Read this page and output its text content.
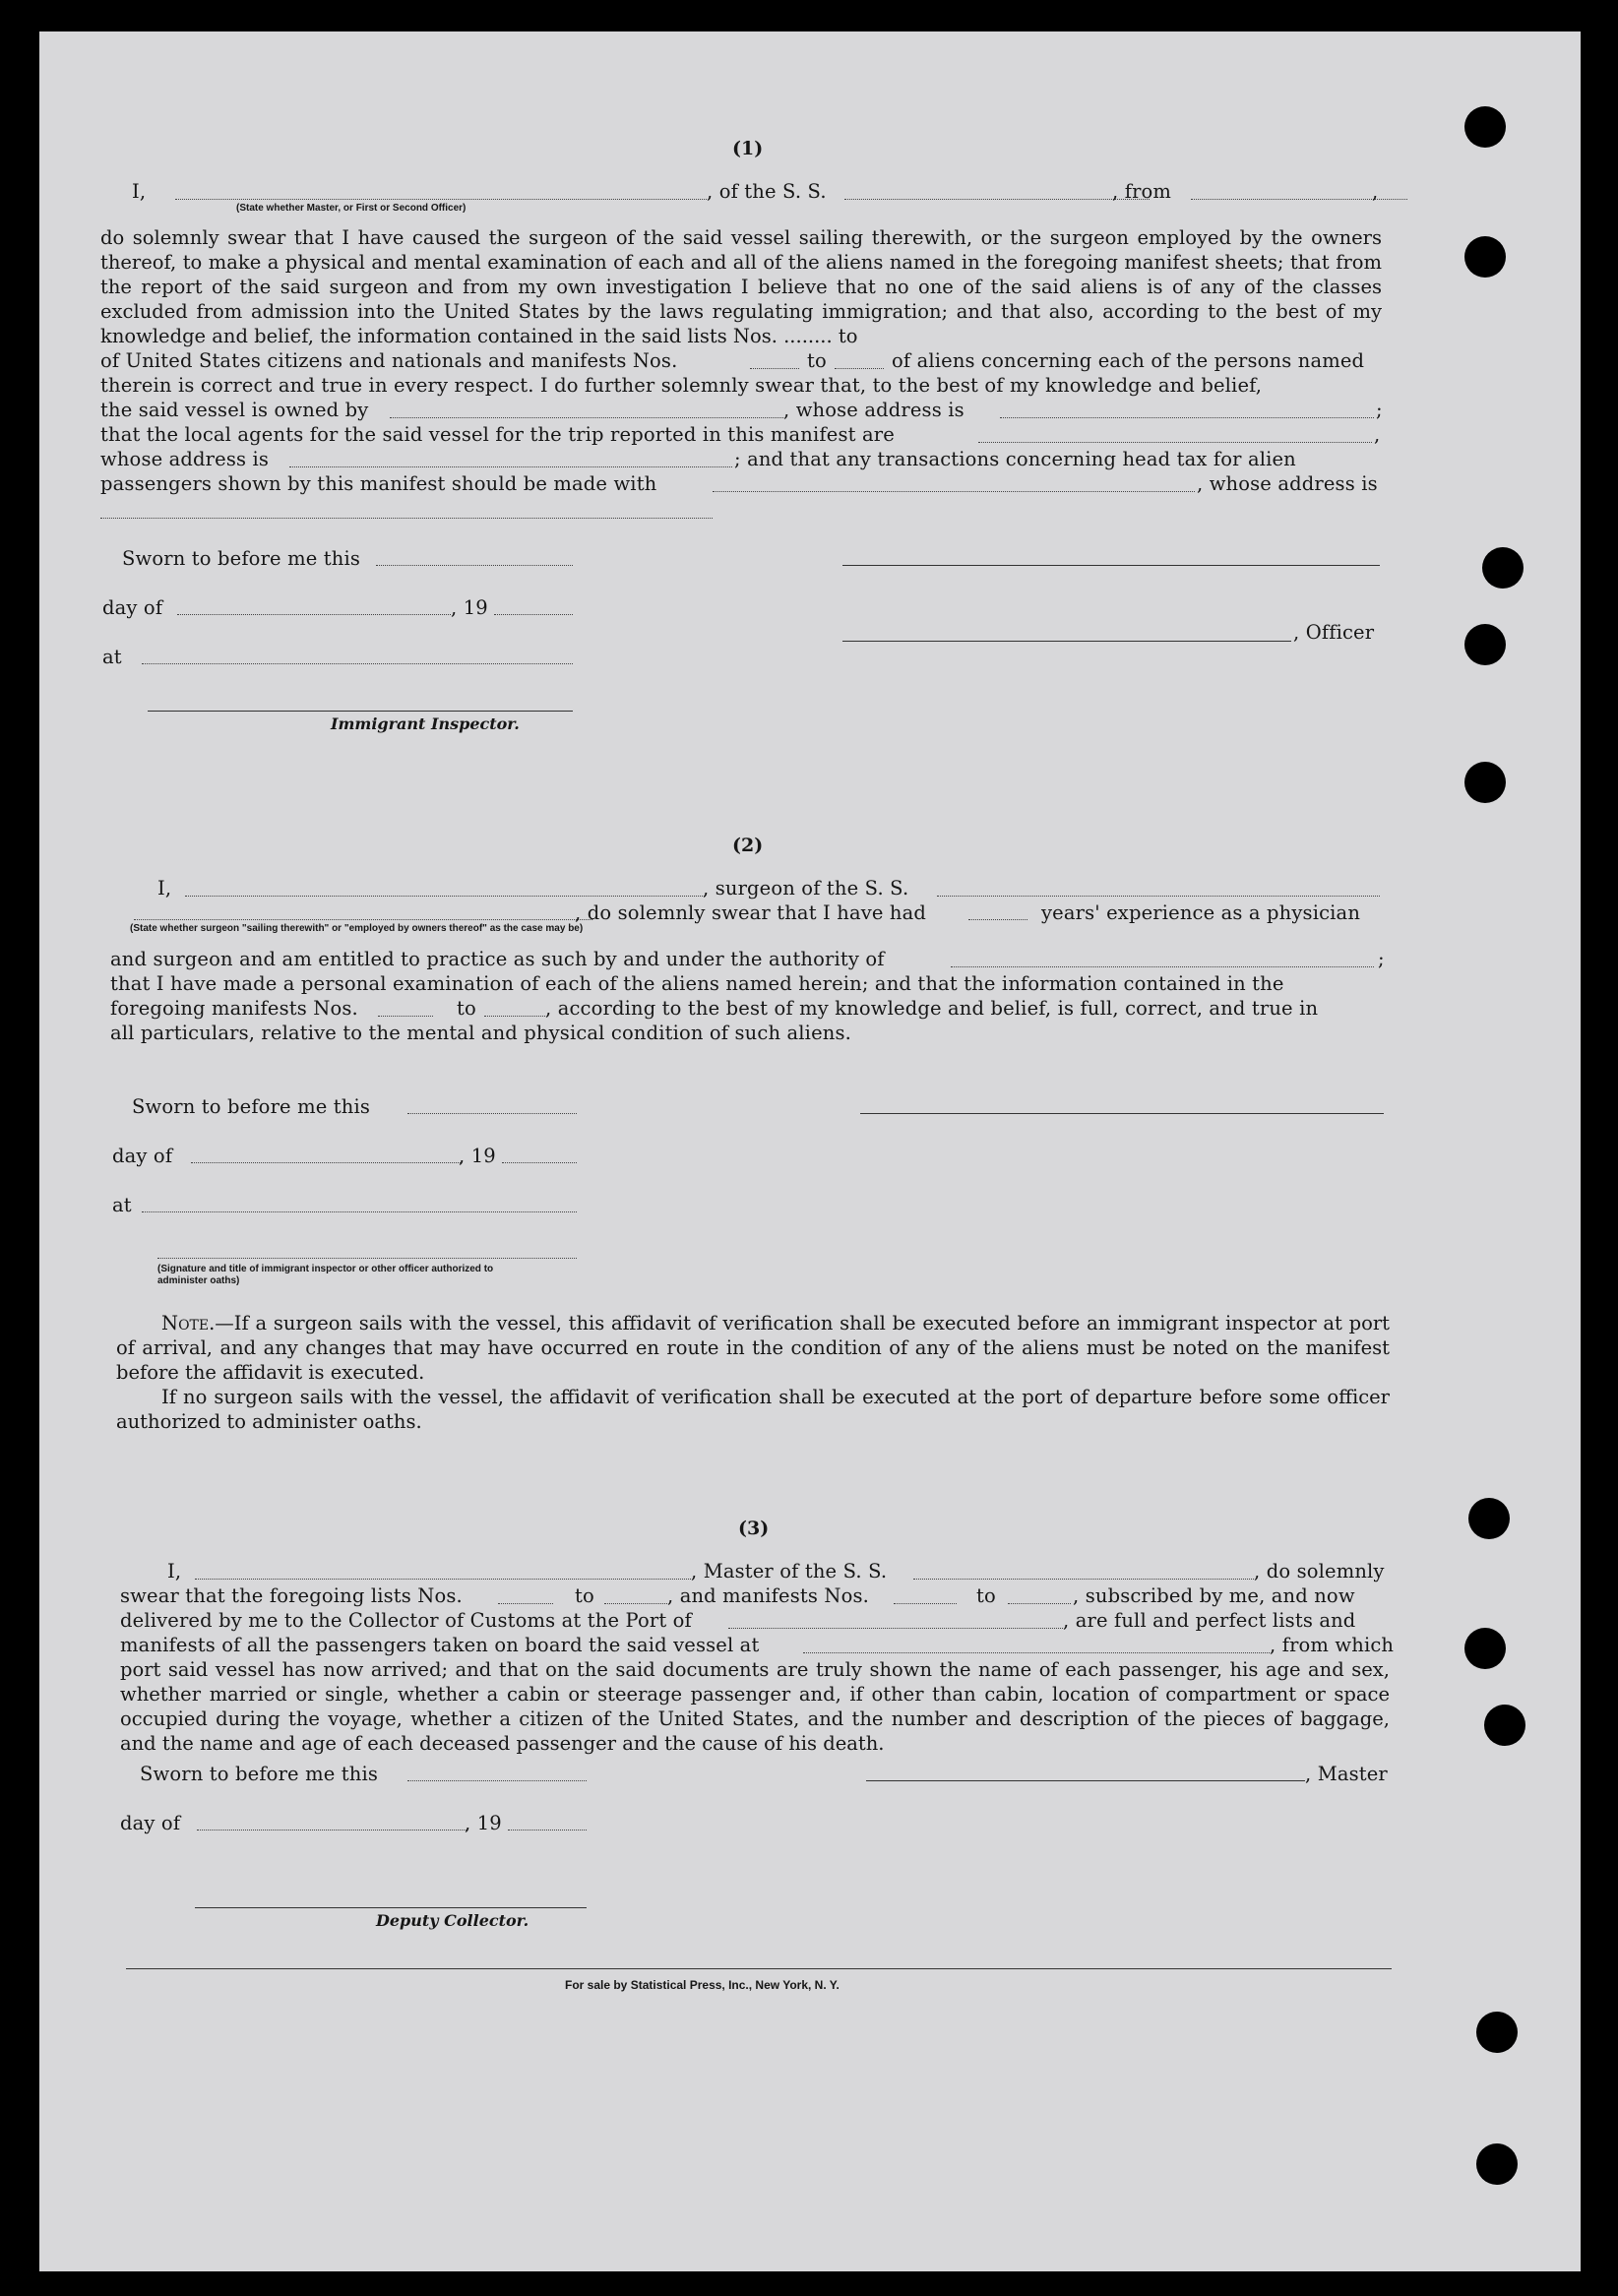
(1)
I,
(State whether Master, or First or Second Officer)
, of the S. S.	, from	,
do solemnly swear that I have caused the surgeon of the said vessel sailing therewith, or the surgeon employed by the owners thereof, to make a physical and mental examination of each and all of the aliens named in the foregoing manifest sheets; that from the report of the said surgeon and from my own investigation I believe that no one of the said aliens is of any of the classes excluded from admission into the United States by the laws regulating immigration; and that also, according to the best of my knowledge and belief, the information contained in the said lists Nos. ........ to
of United States citizens and nationals and manifests Nos.	to	of aliens concerning each of the persons named
therein is correct and true in every respect. I do further solemnly swear that, to the best of my knowledge and belief,
the said vessel is owned by	, whose address is	;
that the local agents for the said vessel for the trip reported in this manifest are	,
whose address is	; and that any transactions concerning head tax for alien
passengers shown by this manifest should be made with	, whose address is
Sworn to before me this
day of	, 19
, Officer
at
Immigrant Inspector.
(2)
I,	, surgeon of the S. S.
, do solemnly swear that I have had	years' experience as a physician
(State whether surgeon "sailing therewith" or "employed by owners thereof" as the case may be)
and surgeon and am entitled to practice as such by and under the authority of	;
that I have made a personal examination of each of the aliens named herein; and that the information contained in the
foregoing manifests Nos.	to	, according to the best of my knowledge and belief, is full, correct, and true in
all particulars, relative to the mental and physical condition of such aliens.
Sworn to before me this
day of	, 19
at
(Signature and title of immigrant inspector or other officer authorized to administer oaths)
Note.—If a surgeon sails with the vessel, this affidavit of verification shall be executed before an immigrant inspector at port of arrival, and any changes that may have occurred en route in the condition of any of the aliens must be noted on the manifest before the affidavit is executed.
If no surgeon sails with the vessel, the affidavit of verification shall be executed at the port of departure before some officer authorized to administer oaths.
(3)
I,	, Master of the S. S.	, do solemnly
swear that the foregoing lists Nos.	to	, and manifests Nos.	to	, subscribed by me, and now
delivered by me to the Collector of Customs at the Port of	, are full and perfect lists and
manifests of all the passengers taken on board the said vessel at	, from which
port said vessel has now arrived; and that on the said documents are truly shown the name of each passenger, his age and sex, whether married or single, whether a cabin or steerage passenger and, if other than cabin, location of compartment or space occupied during the voyage, whether a citizen of the United States, and the number and description of the pieces of baggage, and the name and age of each deceased passenger and the cause of his death.
Sworn to before me this	, Master
day of	, 19
Deputy Collector.
For sale by Statistical Press, Inc., New York, N. Y.
